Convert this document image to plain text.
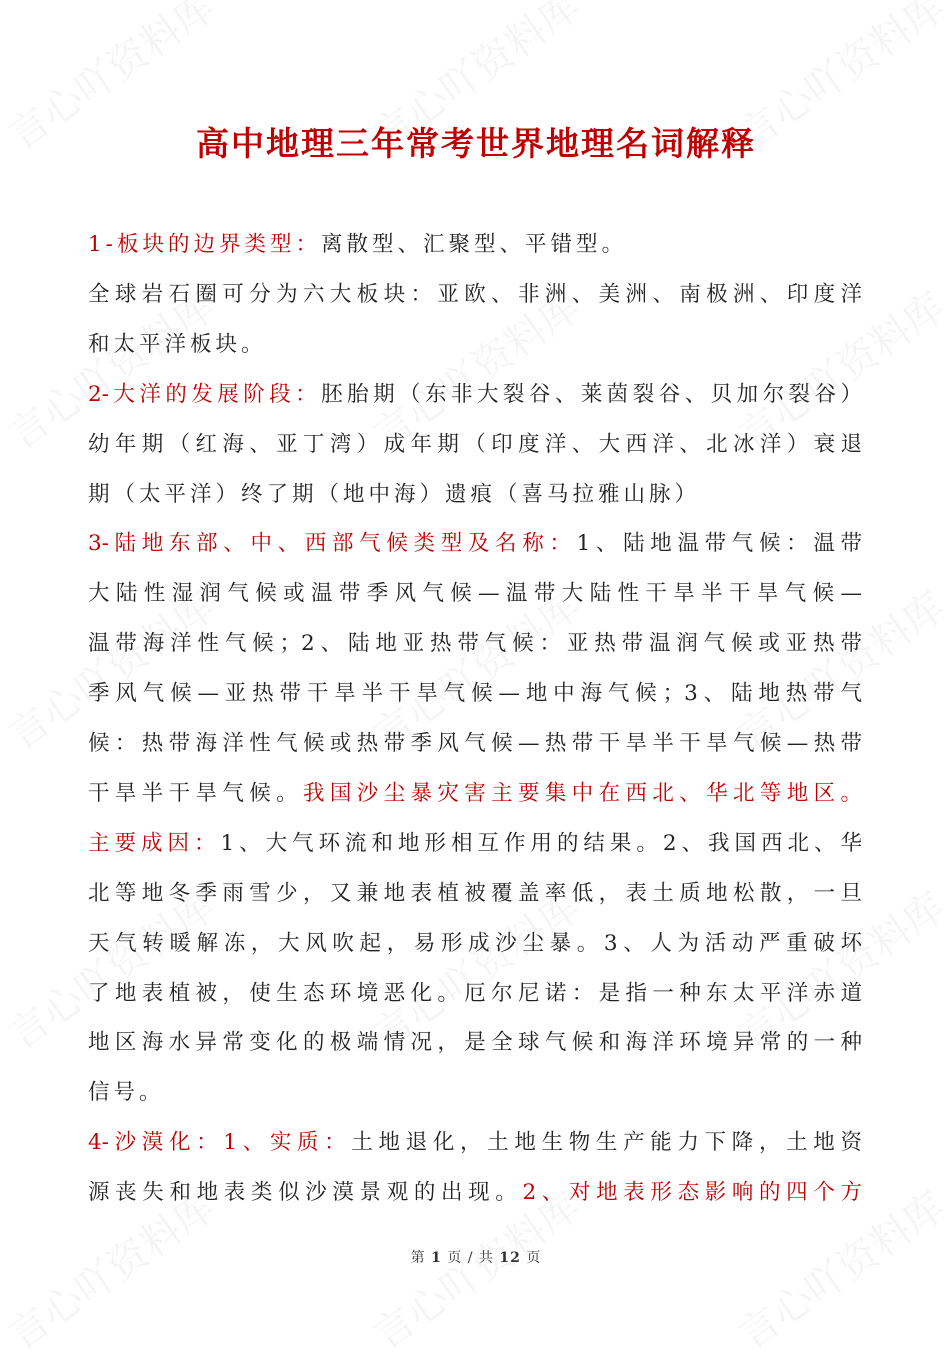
高中地理三年常考世界地理名词解释
1-板块的边界类型：离散型、汇聚型、平错型。
全球岩石圈可分为六大板块：亚欧、非洲、美洲、南极洲、印度洋
和太平洋板块。
2-大洋的发展阶段：胚胎期（东非大裂谷、莱茵裂谷、贝加尔裂谷）
幼年期（红海、亚丁湾）成年期（印度洋、大西洋、北冰洋）衰退
期（太平洋）终了期（地中海）遗痕（喜马拉雅山脉）
3-陆地东部、中、西部气候类型及名称：1、陆地温带气候：温带
大陆性湿润气候或温带季风气候—温带大陆性干旱半干旱气候—
温带海洋性气候；2、陆地亚热带气候：亚热带温润气候或亚热带
季风气候—亚热带干旱半干旱气候—地中海气候；3、陆地热带气
候：热带海洋性气候或热带季风气候—热带干旱半干旱气候—热带
干旱半干旱气候。我国沙尘暴灾害主要集中在西北、华北等地区。
主要成因：1、大气环流和地形相互作用的结果。2、我国西北、华
北等地冬季雨雪少，又兼地表植被覆盖率低，表土质地松散，一旦
天气转暖解冻，大风吹起，易形成沙尘暴。3、人为活动严重破坏
了地表植被，使生态环境恶化。厄尔尼诺：是指一种东太平洋赤道
地区海水异常变化的极端情况，是全球气候和海洋环境异常的一种
信号。
4-沙漠化：1、实质：土地退化，土地生物生产能力下降，土地资
源丧失和地表类似沙漠景观的出现。2、对地表形态影响的四个方
第 1 页 / 共 12 页
